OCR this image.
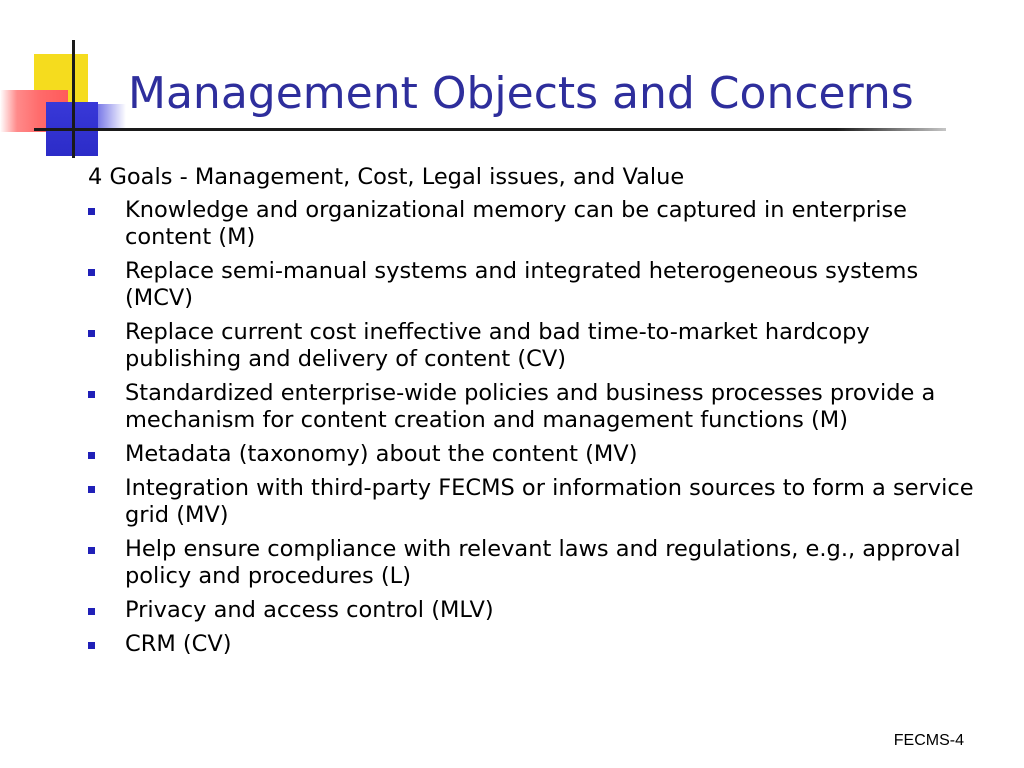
Management Objects and Concerns

4 Goals - Management, Cost, Legal issues, and Value

Knowledge and organizational memory can be captured in enterprise content (M)
Replace semi-manual systems and integrated heterogeneous systems (MCV)
Replace current cost ineffective and bad time-to-market hardcopy publishing and delivery of content (CV)
Standardized enterprise-wide policies and business processes provide a mechanism for content creation and management functions (M)
Metadata (taxonomy) about the content (MV)
Integration with third-party FECMS or information sources to form a service grid (MV)
Help ensure compliance with relevant laws and regulations, e.g., approval policy and procedures (L)
Privacy and access control (MLV)
CRM (CV)
FECMS-4
